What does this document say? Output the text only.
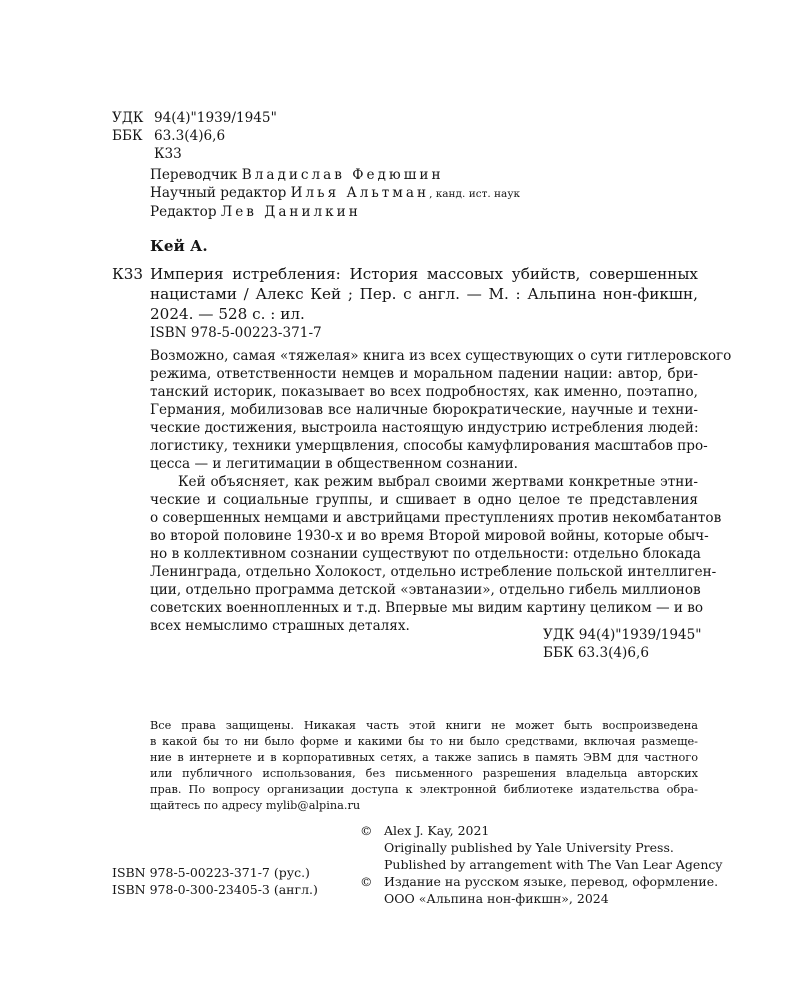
УДК 94(4)"1939/1945"
ББК 63.3(4)6,6
К33
Переводчик Владислав Федюшин
Научный редактор Илья Альтман, канд. ист. наук
Редактор Лев Данилкин
Кей А.
К33 Империя истребления: История массовых убийств, совершенных
нацистами / Алекс Кей ; Пер. с англ. — М. : Альпина нон-фикшн,
2024. — 528 с. : ил.
ISBN 978-5-00223-371-7
Возможно, самая «тяжелая» книга из всех существующих о сути гитлеровского
режима, ответственности немцев и моральном падении нации: автор, бри-
танский историк, показывает во всех подробностях, как именно, поэтапно,
Германия, мобилизовав все наличные бюрократические, научные и техни-
ческие достижения, выстроила настоящую индустрию истребления людей:
логистику, техники умерщвления, способы камуфлирования масштабов про-
цесса — и легитимации в общественном сознании.
Кей объясняет, как режим выбрал своими жертвами конкретные этни-
ческие и социальные группы, и сшивает в одно целое те представления
о совершенных немцами и австрийцами преступлениях против некомбатантов
во второй половине 1930-х и во время Второй мировой войны, которые обыч-
но в коллективном сознании существуют по отдельности: отдельно блокада
Ленинграда, отдельно Холокост, отдельно истребление польской интеллиген-
ции, отдельно программа детской «эвтаназии», отдельно гибель миллионов
советских военнопленных и т.д. Впервые мы видим картину целиком — и во
всех немыслимо страшных деталях.
УДК 94(4)"1939/1945"
ББК 63.3(4)6,6
Все права защищены. Никакая часть этой книги не может быть воспроизведена
в какой бы то ни было форме и какими бы то ни было средствами, включая размеще-
ние в интернете и в корпоративных сетях, а также запись в память ЭВМ для частного
или публичного использования, без письменного разрешения владельца авторских
прав. По вопросу организации доступа к электронной библиотеке издательства обра-
щайтесь по адресу mylib@alpina.ru
© Alex J. Kay, 2021
Originally published by Yale University Press.
Published by arrangement with The Van Lear Agency
© Издание на русском языке, перевод, оформление.
ООО «Альпина нон-фикшн», 2024
ISBN 978-5-00223-371-7 (рус.)
ISBN 978-0-300-23405-3 (англ.)
